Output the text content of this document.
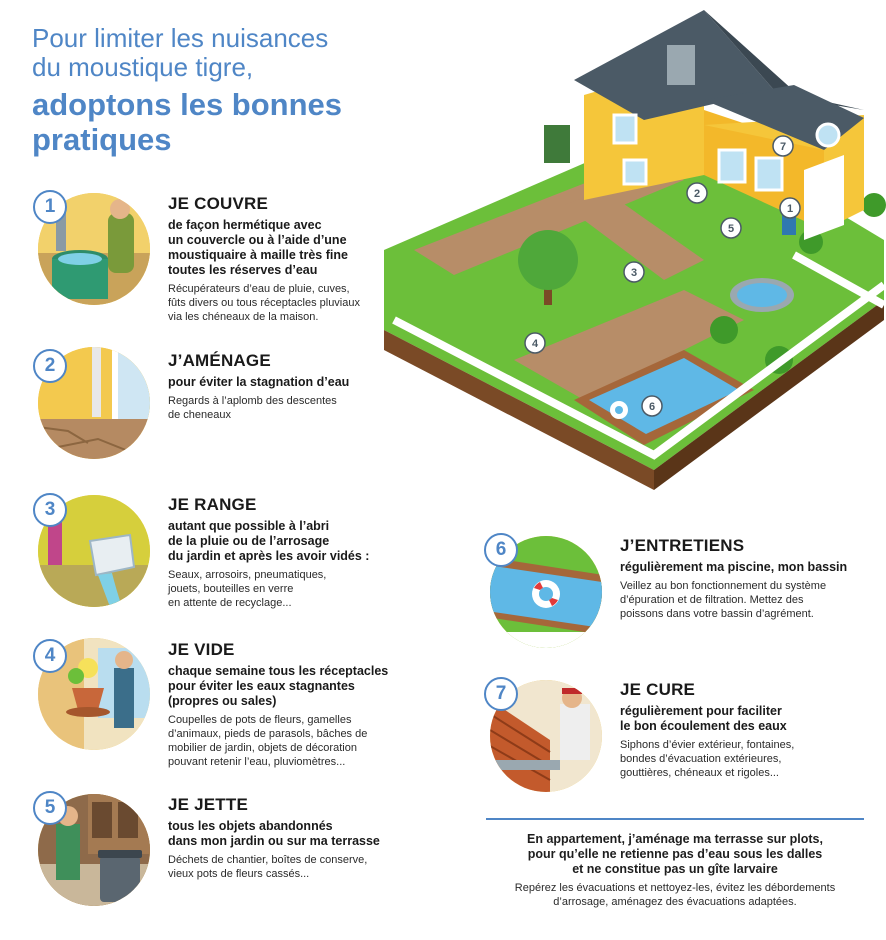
Pour limiter les nuisances
du moustique tigre,
adoptons les bonnes
pratiques
1	JE COUVRE
de façon hermétique avec
un couvercle ou à l’aide d’une
moustiquaire à maille très fine
toutes les réserves d’eau
Récupérateurs d’eau de pluie, cuves,
fûts divers ou tous réceptacles pluviaux
via les chéneaux de la maison.
2	J’AMÉNAGE
pour éviter la stagnation d’eau
Regards à l’aplomb des descentes
de cheneaux
3	JE RANGE
autant que possible à l’abri
de la pluie ou de l’arrosage
du jardin et après les avoir vidés :
Seaux, arrosoirs, pneumatiques,
jouets, bouteilles en verre
en attente de recyclage...
4	JE VIDE
chaque semaine tous les réceptacles
pour éviter les eaux stagnantes
(propres ou sales)
Coupelles de pots de fleurs, gamelles
d’animaux, pieds de parasols, bâches de
mobilier de jardin, objets de décoration
pouvant retenir l’eau, pluviomètres...
5	JE JETTE
tous les objets abandonnés
dans mon jardin ou sur ma terrasse
Déchets de chantier, boîtes de conserve,
vieux pots de fleurs cassés...
6	J’ENTRETIENS
régulièrement ma piscine, mon bassin
Veillez au bon fonctionnement du système
d’épuration et de filtration. Mettez des
poissons dans votre bassin d’agrément.
7	JE CURE
régulièrement pour faciliter
le bon écoulement des eaux
Siphons d’évier extérieur, fontaines,
bondes d’évacuation extérieures,
gouttières, chéneaux et rigoles...
En appartement, j’aménage ma terrasse sur plots,
pour qu’elle ne retienne pas d’eau sous les dalles
et ne constitue pas un gîte larvaire
Repérez les évacuations et nettoyez-les, évitez les débordements
d’arrosage, aménagez des évacuations adaptées.
1
2
3
4
5
6
7
